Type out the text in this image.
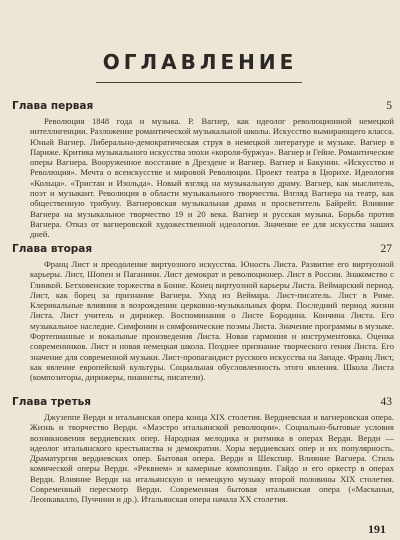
ОГЛАВЛЕНИЕ
Глава первая	5

Революция 1848 года и музыка. Р. Вагнер, как идеолог революционной немецкой интеллигенции. Разложение романтической музыкальной школы. Искусство вымирающего класса. Юный Вагнер. Либерально-демократическая струя в немецкой литературе и музыке. Вагнер в Париже. Критика музыкального искусства эпохи «короля-буржуа». Вагнер и Гейне. Романтические оперы Вагнера. Вооруженное восстание в Дрездене и Вагнер. Вагнер и Бакунин. «Искусство и Революция». Мечта о всеискусстве и мировой Революции. Проект театра в Цюрихе. Идеология «Кольца». «Тристан и Изольда». Новый взгляд на музыкальную драму. Вагнер, как мыслитель, поэт и музыкант. Революция в области музыкального творчества. Взгляд Вагнера на театр, как общественную трибуну. Вагнеровская музыкальная драма и просветитель Байрейт. Влияние Вагнера на музыкальное творчество 19 и 20 века. Вагнер и русская музыка. Борьба против Вагнера. Отказ от вагнеровской художественной идеологии. Значение ее для искусства наших дней.

Глава вторая	27

Франц Лист и преодоление виртуозного искусства. Юность Листа. Развитие его виртуозной карьеры. Лист, Шопен и Паганини. Лист демократ и революционер. Лист в России. Знакомство с Глинкой. Бетховенские торжества в Бонне. Конец виртуозной карьеры Листа. Веймарский период. Лист, как борец за признание Вагнера. Уход из Веймара. Лист-писатель. Лист в Риме. Клерикальные влияния в возрождении церковно-музыкальных форм. Последний период жизни Листа. Лист учитель и дирижер. Воспоминания о Листе Бородина. Кончина Листа. Его музыкальное наследие. Симфонии и симфонические поэмы Листа. Значение программы в музыке. Фортепианные и вокальные произведения Листа. Новая гармония и инструментовка. Оценка современников. Лист и новая немецкая школа. Позднее признание творческого гения Листа. Его значение для современной музыки. Лист-пропагандист русского искусства на Западе. Франц Лист, как явление европейской культуры. Социальная обусловленность этого явления. Школа Листа (композиторы, дирижеры, пианисты, писатели).

Глава третья	43

Джузеппе Верди и итальянская опера конца XIX столетия. Вердиевская и вагнеровская опера. Жизнь и творчество Верди. «Маэстро итальянской революции». Социально-бытовые условия возникновения вердиевских опер. Народная мелодика и ритмика в операх Верди. Верди — идеолог итальянского крестьянства и демократии. Хоры вердиевских опер и их популярность. Драматургия вердиевских опер. Бытовая опера. Верди и Шекспир. Влияние Вагнера. Стиль комической оперы Верди. «Реквием» и камерные композиции. Гайдо и его оркестр в операх Верди. Влияние Верди на итальянскую и немецкую музыку второй половины XIX столетия. Современный пересмотр Верди. Современная бытовая итальянская опера («Масканьи, Леонкавалло, Пуччини и др.). Итальянская опера начала XX столетия.

191
